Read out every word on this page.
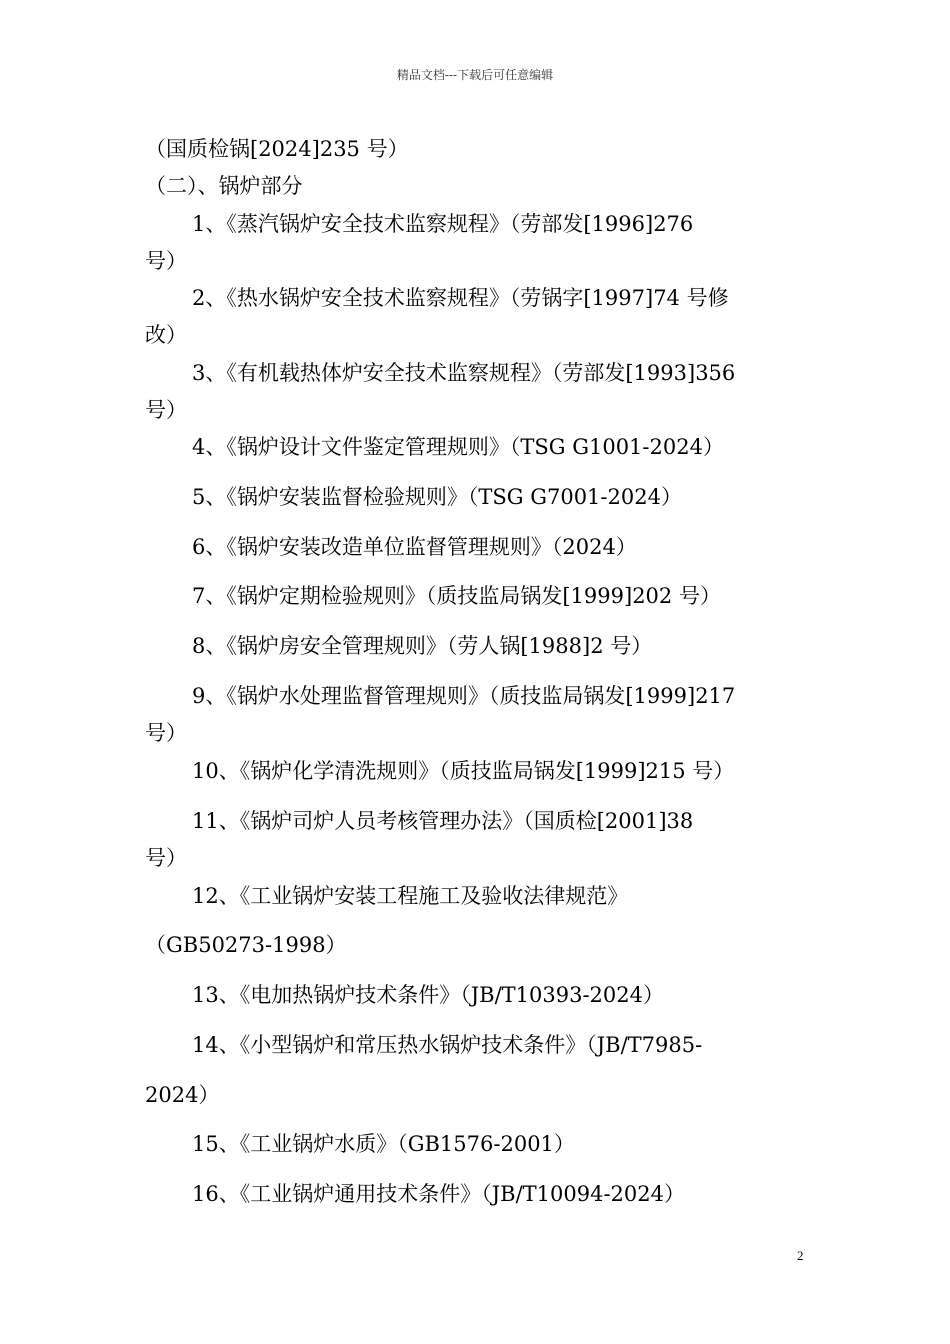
精品文档---下载后可任意编辑
（国质检锅[2024]235 号）
（二）、锅炉部分
1、《蒸汽锅炉安全技术监察规程》（劳部发[1996]276
号）
2、《热水锅炉安全技术监察规程》（劳锅字[1997]74 号修
改）
3、《有机载热体炉安全技术监察规程》（劳部发[1993]356
号）
4、《锅炉设计文件鉴定管理规则》（TSG G1001-2024）
5、《锅炉安装监督检验规则》（TSG G7001-2024）
6、《锅炉安装改造单位监督管理规则》（2024）
7、《锅炉定期检验规则》（质技监局锅发[1999]202 号）
8、《锅炉房安全管理规则》（劳人锅[1988]2 号）
9、《锅炉水处理监督管理规则》（质技监局锅发[1999]217
号）
10、《锅炉化学清洗规则》（质技监局锅发[1999]215 号）
11、《锅炉司炉人员考核管理办法》（国质检[2001]38
号）
12、《工业锅炉安装工程施工及验收法律规范》
（GB50273-1998）
13、《电加热锅炉技术条件》（JB/T10393-2024）
14、《小型锅炉和常压热水锅炉技术条件》（JB/T7985-
2024）
15、《工业锅炉水质》（GB1576-2001）
16、《工业锅炉通用技术条件》（JB/T10094-2024）
2
